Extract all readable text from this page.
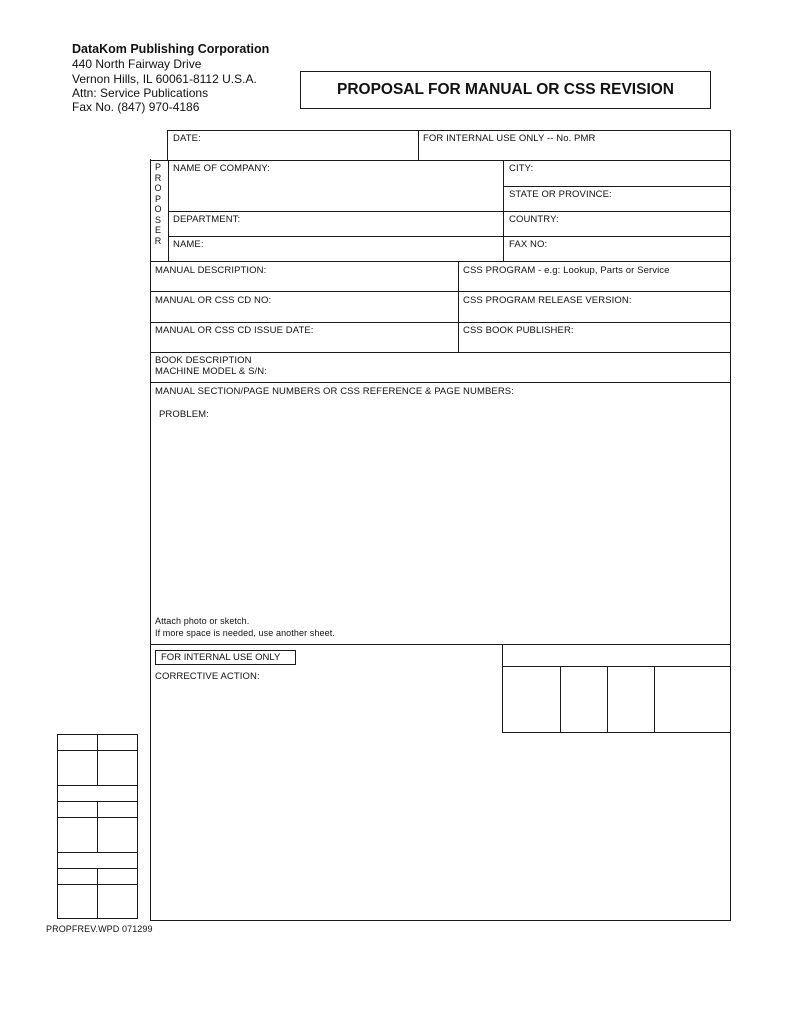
DataKom Publishing Corporation
440 North Fairway Drive
Vernon Hills, IL 60061-8112 U.S.A.
Attn: Service Publications
Fax No. (847) 970-4186
PROPOSAL FOR MANUAL OR CSS REVISION
DATE:	FOR INTERNAL USE ONLY -- No. PMR
P
R
O
P
O
S
E
R
NAME OF COMPANY:	CITY:
STATE OR PROVINCE:
DEPARTMENT:	COUNTRY:
NAME:	FAX NO:
MANUAL DESCRIPTION:	CSS PROGRAM - e.g: Lookup, Parts or Service
MANUAL OR CSS CD NO:	CSS PROGRAM RELEASE VERSION:
MANUAL OR CSS CD ISSUE DATE:	CSS BOOK PUBLISHER:
BOOK DESCRIPTION
MACHINE MODEL & S/N:
MANUAL SECTION/PAGE NUMBERS OR CSS REFERENCE & PAGE NUMBERS:
PROBLEM:
Attach photo or sketch.
If more space is needed, use another sheet.
FOR INTERNAL USE ONLY
CORRECTIVE ACTION:
PROPFREV.WPD 071299
